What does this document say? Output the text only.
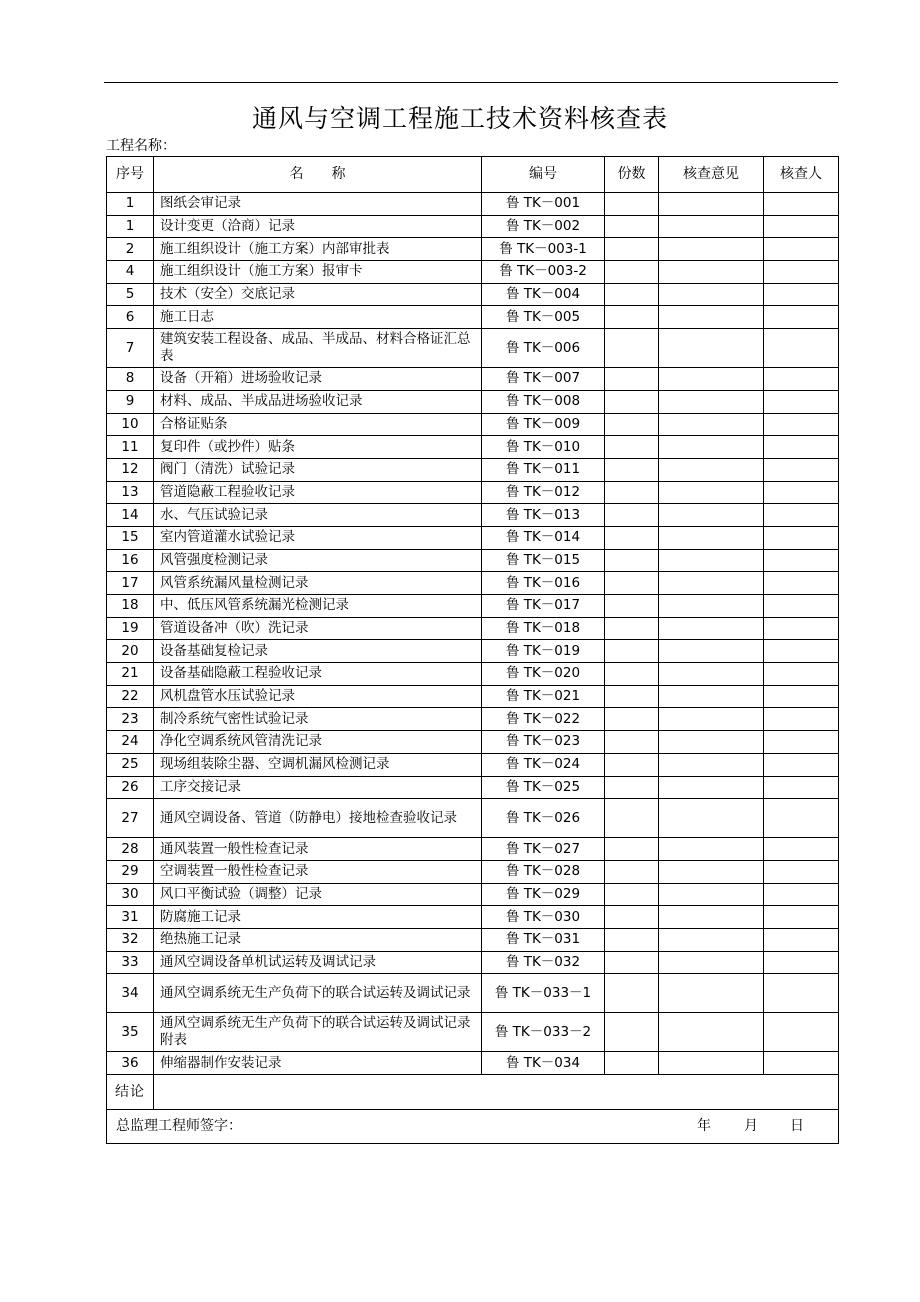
通风与空调工程施工技术资料核查表
工程名称：
序号	名　　称	编号	份数	核查意见	核查人
1	图纸会审记录	鲁 TK－001			
1	设计变更（洽商）记录	鲁 TK－002			
2	施工组织设计（施工方案）内部审批表	鲁 TK－003-1			
4	施工组织设计（施工方案）报审卡	鲁 TK－003-2			
5	技术（安全）交底记录	鲁 TK－004			
6	施工日志	鲁 TK－005			
7	建筑安装工程设备、成品、半成品、材料合格证汇总表	鲁 TK－006			
8	设备（开箱）进场验收记录	鲁 TK－007			
9	材料、成品、半成品进场验收记录	鲁 TK－008			
10	合格证贴条	鲁 TK－009			
11	复印件（或抄件）贴条	鲁 TK－010			
12	阀门（清洗）试验记录	鲁 TK－011			
13	管道隐蔽工程验收记录	鲁 TK－012			
14	水、气压试验记录	鲁 TK－013			
15	室内管道灌水试验记录	鲁 TK－014			
16	风管强度检测记录	鲁 TK－015			
17	风管系统漏风量检测记录	鲁 TK－016			
18	中、低压风管系统漏光检测记录	鲁 TK－017			
19	管道设备冲（吹）洗记录	鲁 TK－018			
20	设备基础复检记录	鲁 TK－019			
21	设备基础隐蔽工程验收记录	鲁 TK－020			
22	风机盘管水压试验记录	鲁 TK－021			
23	制冷系统气密性试验记录	鲁 TK－022			
24	净化空调系统风管清洗记录	鲁 TK－023			
25	现场组装除尘器、空调机漏风检测记录	鲁 TK－024			
26	工序交接记录	鲁 TK－025			
27	通风空调设备、管道（防静电）接地检查验收记录	鲁 TK－026			
28	通风装置一般性检查记录	鲁 TK－027			
29	空调装置一般性检查记录	鲁 TK－028			
30	风口平衡试验（调整）记录	鲁 TK－029			
31	防腐施工记录	鲁 TK－030			
32	绝热施工记录	鲁 TK－031			
33	通风空调设备单机试运转及调试记录	鲁 TK－032			
34	通风空调系统无生产负荷下的联合试运转及调试记录	鲁 TK－033－1			
35	通风空调系统无生产负荷下的联合试运转及调试记录附表	鲁 TK－033－2			
36	伸缩器制作安装记录	鲁 TK－034			
结论					

总监理工程师签字： 年 月 日					
